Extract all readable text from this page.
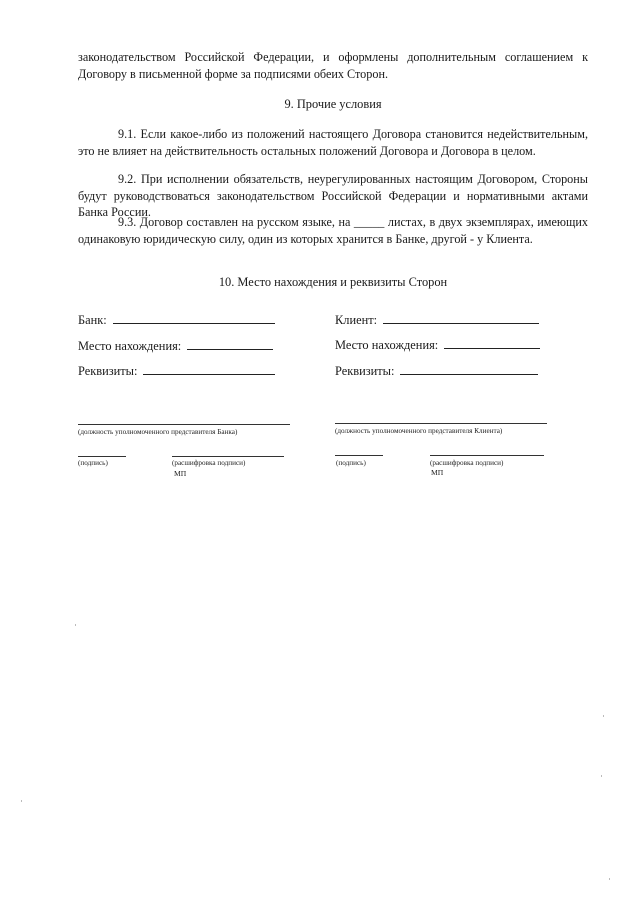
законодательством Российской Федерации, и оформлены дополнительным соглашением к Договору в письменной форме за подписями обеих Сторон.

9. Прочие условия

9.1. Если какое-либо из положений настоящего Договора становится недействительным, это не влияет на действительность остальных положений Договора и Договора в целом.

9.2. При исполнении обязательств, неурегулированных настоящим Договором, Стороны будут руководствоваться законодательством Российской Федерации и нормативными актами Банка России.

9.3. Договор составлен на русском языке, на _____ листах, в двух экземплярах, имеющих одинаковую юридическую силу, один из которых хранится в Банке, другой - у Клиента.

10. Место нахождения и реквизиты Сторон

Банк:
Место нахождения:
Реквизиты:
Клиент:
Место нахождения:
Реквизиты:
(должность уполномоченного представителя Банка)
(подпись)	(расшифровка подписи)
МП
(должность уполномоченного представителя Клиента)
(подпись)	(расшифровка подписи)
МП
